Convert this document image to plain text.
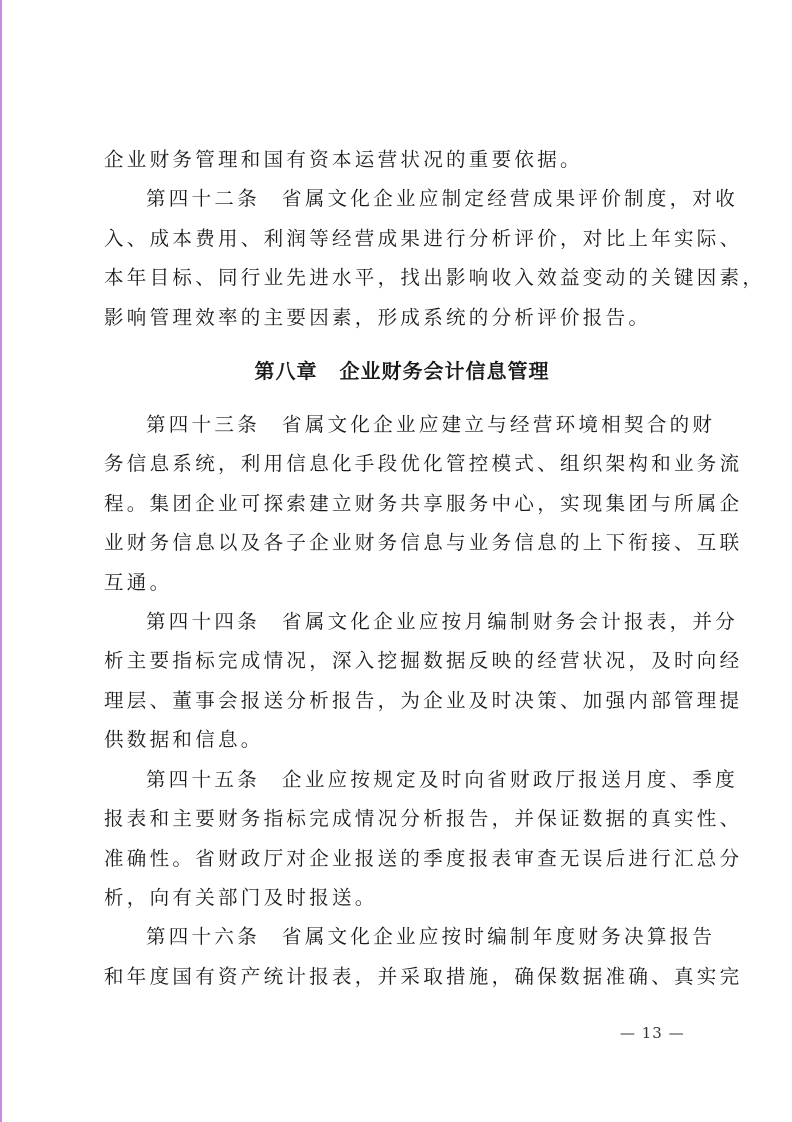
企业财务管理和国有资本运营状况的重要依据。

第四十二条 省属文化企业应制定经营成果评价制度，对收
入、成本费用、利润等经营成果进行分析评价，对比上年实际、
本年目标、同行业先进水平，找出影响收入效益变动的关键因素，
影响管理效率的主要因素，形成系统的分析评价报告。

第八章 企业财务会计信息管理

第四十三条 省属文化企业应建立与经营环境相契合的财
务信息系统，利用信息化手段优化管控模式、组织架构和业务流
程。集团企业可探索建立财务共享服务中心，实现集团与所属企
业财务信息以及各子企业财务信息与业务信息的上下衔接、互联
互通。

第四十四条 省属文化企业应按月编制财务会计报表，并分
析主要指标完成情况，深入挖掘数据反映的经营状况，及时向经
理层、董事会报送分析报告，为企业及时决策、加强内部管理提
供数据和信息。

第四十五条 企业应按规定及时向省财政厅报送月度、季度
报表和主要财务指标完成情况分析报告，并保证数据的真实性、
准确性。省财政厅对企业报送的季度报表审查无误后进行汇总分
析，向有关部门及时报送。

第四十六条 省属文化企业应按时编制年度财务决算报告
和年度国有资产统计报表，并采取措施，确保数据准确、真实完

— 13 —
